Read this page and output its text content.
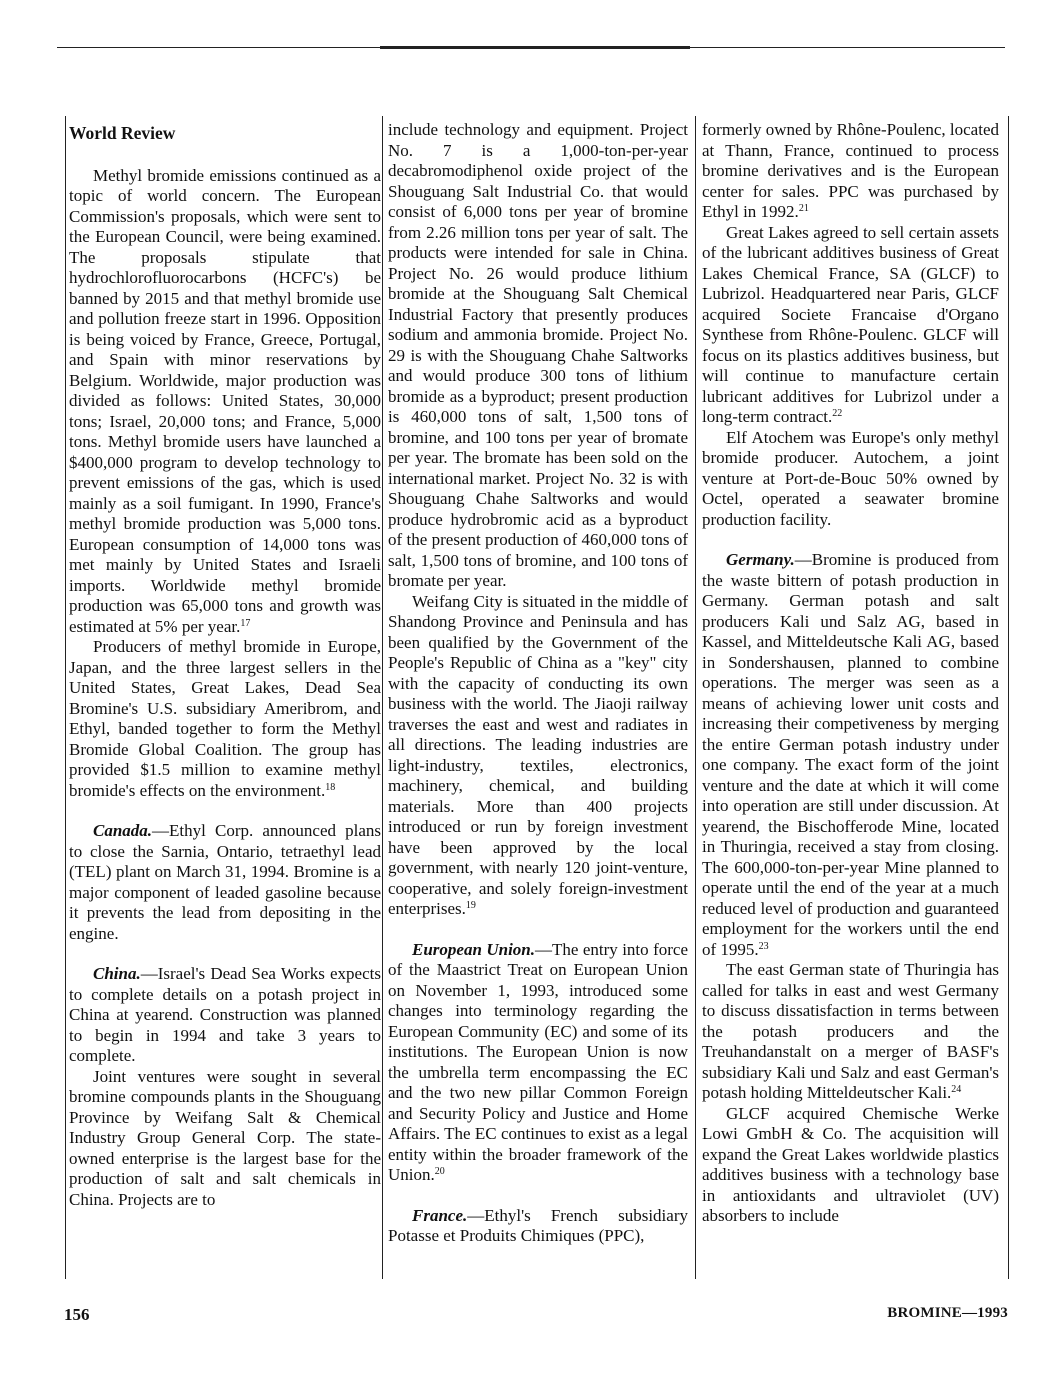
World Review

Methyl bromide emissions continued as a topic of world concern. The European Commission's proposals, which were sent to the European Council, were being examined. The proposals stipulate that hydrochlorofluorocarbons (HCFC's) be banned by 2015 and that methyl bromide use and pollution freeze start in 1996. Opposition is being voiced by France, Greece, Portugal, and Spain with minor reservations by Belgium. Worldwide, major production was divided as follows: United States, 30,000 tons; Israel, 20,000 tons; and France, 5,000 tons. Methyl bromide users have launched a $400,000 program to develop technology to prevent emissions of the gas, which is used mainly as a soil fumigant. In 1990, France's methyl bromide production was 5,000 tons. European consumption of 14,000 tons was met mainly by United States and Israeli imports. Worldwide methyl bromide production was 65,000 tons and growth was estimated at 5% per year.$^{17}$

Producers of methyl bromide in Europe, Japan, and the three largest sellers in the United States, Great Lakes, Dead Sea Bromine's U.S. subsidiary Ameribrom, and Ethyl, banded together to form the Methyl Bromide Global Coalition. The group has provided $1.5 million to examine methyl bromide's effects on the environment.$^{18}$

Canada.—Ethyl Corp. announced plans to close the Sarnia, Ontario, tetraethyl lead (TEL) plant on March 31, 1994. Bromine is a major component of leaded gasoline because it prevents the lead from depositing in the engine.

China.—Israel's Dead Sea Works expects to complete details on a potash project in China at yearend. Construction was planned to begin in 1994 and take 3 years to complete.

Joint ventures were sought in several bromine compounds plants in the Shouguang Province by Weifang Salt & Chemical Industry Group General Corp. The state-owned enterprise is the largest base for the production of salt and salt chemicals in China. Projects are to

include technology and equipment. Project No. 7 is a 1,000-ton-per-year decabromodiphenol oxide project of the Shouguang Salt Industrial Co. that would consist of 6,000 tons per year of bromine from 2.26 million tons per year of salt. The products were intended for sale in China. Project No. 26 would produce lithium bromide at the Shouguang Salt Chemical Industrial Factory that presently produces sodium and ammonia bromide. Project No. 29 is with the Shouguang Chahe Saltworks and would produce 300 tons of lithium bromide as a byproduct; present production is 460,000 tons of salt, 1,500 tons of bromine, and 100 tons per year of bromate per year. The bromate has been sold on the international market. Project No. 32 is with Shouguang Chahe Saltworks and would produce hydrobromic acid as a byproduct of the present production of 460,000 tons of salt, 1,500 tons of bromine, and 100 tons of bromate per year.

Weifang City is situated in the middle of Shandong Province and Peninsula and has been qualified by the Government of the People's Republic of China as a "key" city with the capacity of conducting its own business with the world. The Jiaoji railway traverses the east and west and radiates in all directions. The leading industries are light-industry, textiles, electronics, machinery, chemical, and building materials. More than 400 projects introduced or run by foreign investment have been approved by the local government, with nearly 120 joint-venture, cooperative, and solely foreign-investment enterprises.$^{19}$

European Union.—The entry into force of the Maastrict Treat on European Union on November 1, 1993, introduced some changes into terminology regarding the European Community (EC) and some of its institutions. The European Union is now the umbrella term encompassing the EC and the two new pillar Common Foreign and Security Policy and Justice and Home Affairs. The EC continues to exist as a legal entity within the broader framework of the Union.$^{20}$

France.—Ethyl's French subsidiary Potasse et Produits Chimiques (PPC),

formerly owned by Rhône-Poulenc, located at Thann, France, continued to process bromine derivatives and is the European center for sales. PPC was purchased by Ethyl in 1992.21

Great Lakes agreed to sell certain assets of the lubricant additives business of Great Lakes Chemical France, SA (GLCF) to Lubrizol. Headquartered near Paris, GLCF acquired Societe Francaise d'Organo Synthese from Rhône-Poulenc. GLCF will focus on its plastics additives business, but will continue to manufacture certain lubricant additives for Lubrizol under a long-term contract.$^{22}$

Elf Atochem was Europe's only methyl bromide producer. Autochem, a joint venture at Port-de-Bouc 50% owned by Octel, operated a seawater bromine production facility.

Germany.—Bromine is produced from the waste bittern of potash production in Germany. German potash and salt producers Kali und Salz AG, based in Kassel, and Mitteldeutsche Kali AG, based in Sondershausen, planned to combine operations. The merger was seen as a means of achieving lower unit costs and increasing their competiveness by merging the entire German potash industry under one company. The exact form of the joint venture and the date at which it will come into operation are still under discussion. At yearend, the Bischofferode Mine, located in Thuringia, received a stay from closing. The 600,000-ton-per-year Mine planned to operate until the end of the year at a much reduced level of production and guaranteed employment for the workers until the end of 1995.23

The east German state of Thuringia has called for talks in east and west Germany to discuss dissatisfaction in terms between the potash producers and the Treuhandanstalt on a merger of BASF's subsidiary Kali und Salz and east German's potash holding Mitteldeutscher Kali.$^{24}$

GLCF acquired Chemische Werke Lowi GmbH & Co. The acquisition will expand the Great Lakes worldwide plastics additives business with a technology base in antioxidants and ultraviolet (UV) absorbers to include

156	BROMINE—1993
